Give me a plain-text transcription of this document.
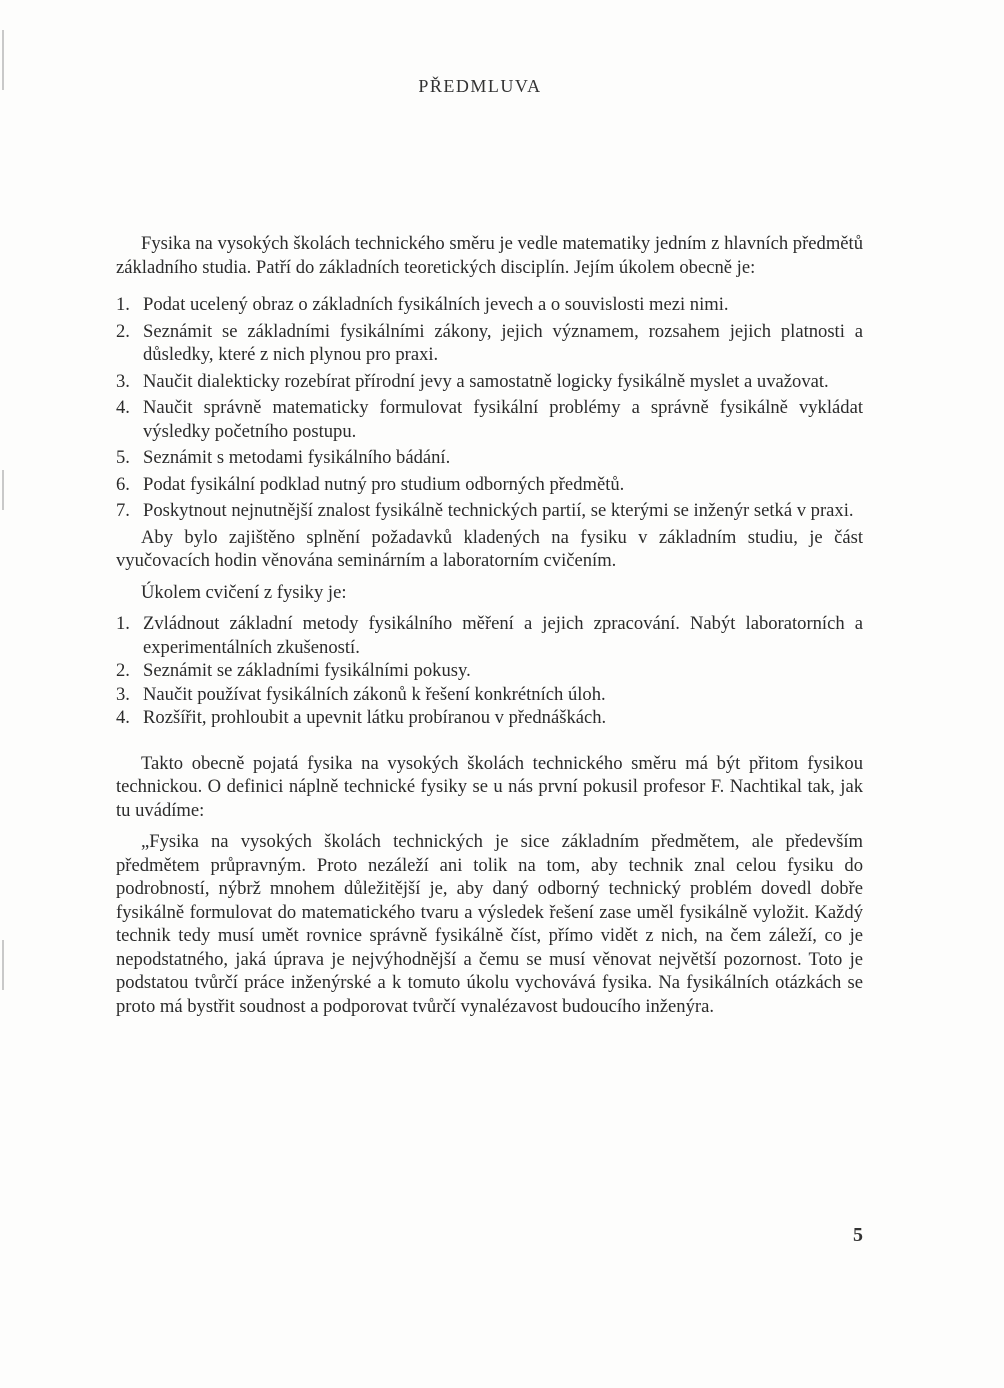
PŘEDMLUVA

Fysika na vysokých školách technického směru je vedle matematiky jedním z hlavních předmětů základního studia. Patří do základních teoretických disciplín. Jejím úkolem obecně je:

1. Podat ucelený obraz o základních fysikálních jevech a o souvislosti mezi nimi.
2. Seznámit se základními fysikálními zákony, jejich významem, rozsahem jejich platnosti a důsledky, které z nich plynou pro praxi.
3. Naučit dialekticky rozebírat přírodní jevy a samostatně logicky fysikálně myslet a uvažovat.
4. Naučit správně matematicky formulovat fysikální problémy a správně fysikálně vykládat výsledky početního postupu.
5. Seznámit s metodami fysikálního bádání.
6. Podat fysikální podklad nutný pro studium odborných předmětů.
7. Poskytnout nejnutnější znalost fysikálně technických partií, se kterými se inženýr setká v praxi.

Aby bylo zajištěno splnění požadavků kladených na fysiku v základním studiu, je část vyučovacích hodin věnována seminárním a laboratorním cvičením.

Úkolem cvičení z fysiky je:

1. Zvládnout základní metody fysikálního měření a jejich zpracování. Nabýt laboratorních a experimentálních zkušeností.
2. Seznámit se základními fysikálními pokusy.
3. Naučit používat fysikálních zákonů k řešení konkrétních úloh.
4. Rozšířit, prohloubit a upevnit látku probíranou v přednáškách.

Takto obecně pojatá fysika na vysokých školách technického směru má být přitom fysikou technickou. O definici náplně technické fysiky se u nás první pokusil profesor F. Nachtikal tak, jak tu uvádíme:

„Fysika na vysokých školách technických je sice základním předmětem, ale především předmětem průpravným. Proto nezáleží ani tolik na tom, aby technik znal celou fysiku do podrobností, nýbrž mnohem důležitější je, aby daný odborný technický problém dovedl dobře fysikálně formulovat do matematického tvaru a výsledek řešení zase uměl fysikálně vyložit. Každý technik tedy musí umět rovnice správně fysikálně číst, přímo vidět z nich, na čem záleží, co je nepodstatného, jaká úprava je nejvýhodnější a čemu se musí věnovat největší pozornost. Toto je podstatou tvůrčí práce inženýrské a k tomuto úkolu vychovává fysika. Na fysikálních otázkách se proto má bystřit soudnost a podporovat tvůrčí vynalézavost budoucího inženýra.

5
